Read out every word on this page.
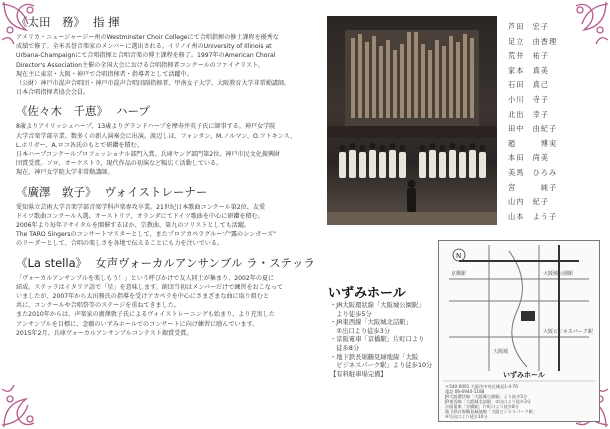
《太田　務》 指 揮
アメリカ・ニュージャージー州のWestminster Choir Collegeにて合唱指揮の修士課程を優秀な
成績で修了。全米名誉音楽家のメンバーに選出される。イリノイ州のUniversity of Illinois at
Urbana-Champaignにて合唱指揮と合唱音楽の博士課程を修了。1997年のAmerican Choral
Director's Association主催の全国大会における合唱指揮者コンクールのファイナリスト。
現在主に東京・大阪・神戸で合唱指揮者・指導者として活躍中。
（公財）神戸市混声合唱団・神戸市混声合唱団副指揮者、甲南女子大学、大阪教育大学非常勤講師。
日本合唱指揮者協会会員。
《佐々木　千恵》 ハープ
8歳よりアイリッシュハープ、13歳よりグランドハープを摩寿井英子氏に師事する。神戸女学院
大学音楽学部卒業。数多くの新人演奏会に出演。渡辺しほ、フォンタン、M.ノルマン、O.フトキンス、
L.ホリガー、A.ロコ各氏のもとで研鑽を積む。
日本ハープコンクールプロフェッショナル部門入賞。兵庫ヤング部門第2位。神戸市民文化振興財
団賞受賞。ソロ、オーケストラ、現代作品の初演など幅広く活動している。
現在、神戸女学院大学非常勤講師。
《廣澤　敦子》 ヴォイストレーナー
愛知県立芸術大学音楽学部音楽学科声楽専攻卒業。21世紀日本歌曲コンクール第2位、友愛
ドイツ歌曲コンクール入選。オーストリア、オランダにてドイツ歌曲を中心に研鑽を積む。
2006年より毎年リサイタルを開催するほか、宗教曲、第九のソリストとしても活躍。
The TARO Singersのコンサートマスターとして、またプロアカペラグループ"露のシンガーズ"
のリーダーとして、合唱の楽しさを各地で伝えることにも力を注いでいる。
《La stella》 女声ヴォーカルアンサンブル ラ・ステッラ
「ヴォーカルアンサンブルを楽しもう！」という呼びかけで友人同士が集まり、2002年の夏に
結成。ステッラはイタリア語で「星」を意味します。創団当初はメンバーだけで練習をおこなって
いましたが、2007年から太田務氏の指導を受けアカペラを中心にさまざまな曲に取り組むと
共に、コンクールや合唱祭等のステージを重ねてきました。
また2010年からは、声楽家の廣澤敦子氏によるヴォイストレーニングも始まり、より充実した
アンサンブルを目標に、念願のいずみホールでのコンサートに向け練習に励んでいます。
2015年2月、兵庫ヴォーカルアンサンブルコンテスト銀賞受賞。
芦田　宏子
足立　由香理
荒井　祐子
家本　真美
石田　真己
小川　寺子
北出　幸子
田中　由紀子
趙　　　博実
本田　尚美
美馬　ひろみ
宮　　　純子
山内　紀子
山本　よう子
いずみホール
・JR大阪環状線「大阪城公園駅」
　より徒歩5分
・JR東西線「大阪城北詰駅」
　②出口より徒歩3分
・京阪電車「京橋駅」片町口より
　徒歩8分
・地下鉄長堀鶴見緑地線「大阪
　ビジネスパーク駅」より徒歩10分
【有料駐車場完備】
N
いずみホール
大阪城公園駅
京橋駅
大阪ビジネスパーク駅
大阪城
〒540-0001 大阪市中央区城見1-4-70
電話 06-6944-1188
JR大阪環状線「大阪城公園駅」より徒歩5分
JR東西線「大阪城北詰駅」②出口より徒歩3分
京阪電車「京橋駅」片町口より徒歩8分
地下鉄長堀鶴見緑地線「大阪ビジネスパーク駅」
④号出口より徒歩10分
